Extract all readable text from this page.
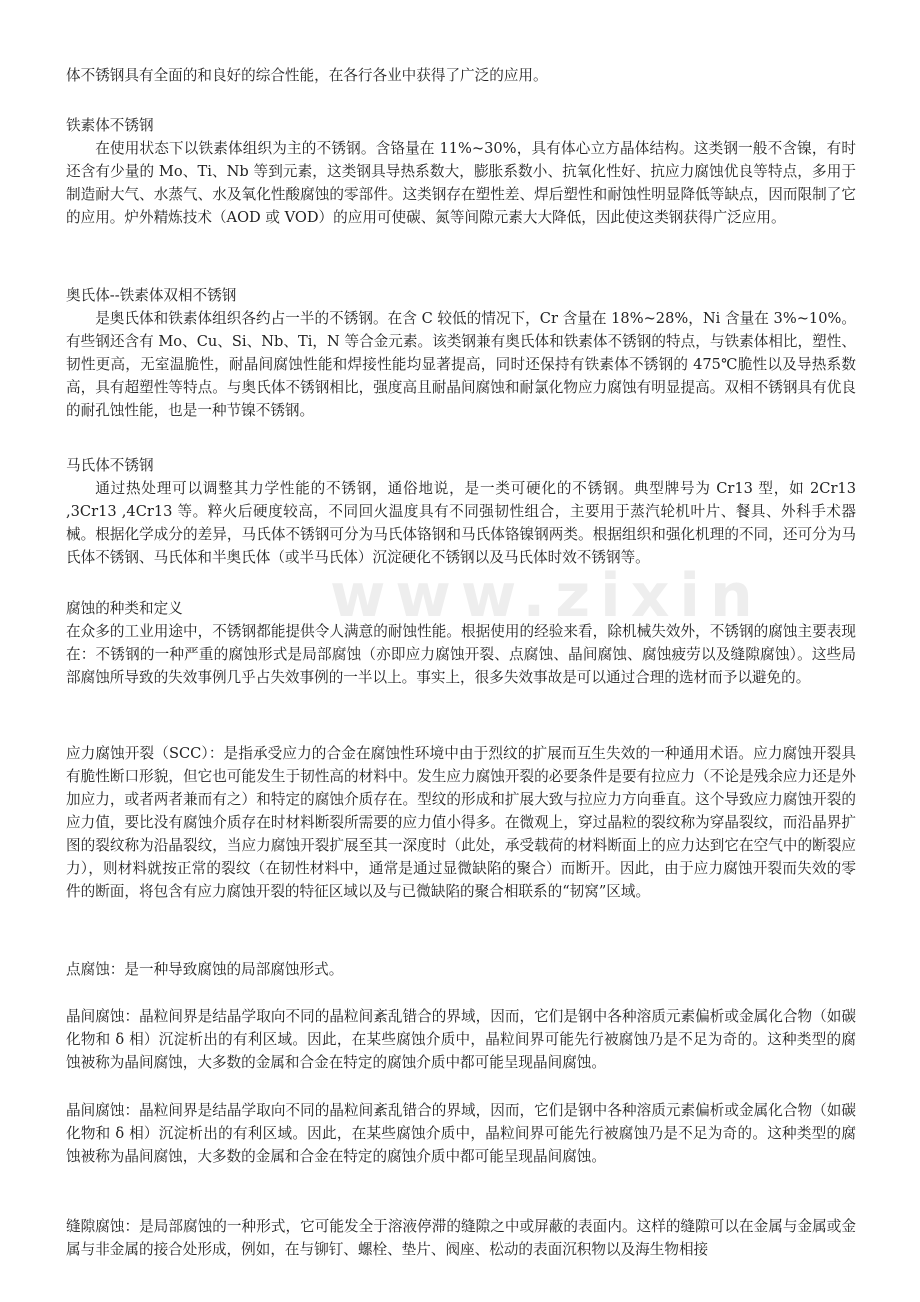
www.zixin

体不锈钢具有全面的和良好的综合性能，在各行各业中获得了广泛的应用。

铁素体不锈钢

在使用状态下以铁素体组织为主的不锈钢。含铬量在 11%~30%，具有体心立方晶体结构。这类钢一般不含镍，有时还含有少量的 Mo、Ti、Nb 等到元素，这类钢具导热系数大，膨胀系数小、抗氧化性好、抗应力腐蚀优良等特点，多用于制造耐大气、水蒸气、水及氧化性酸腐蚀的零部件。这类钢存在塑性差、焊后塑性和耐蚀性明显降低等缺点，因而限制了它的应用。炉外精炼技术（AOD 或 VOD）的应用可使碳、氮等间隙元素大大降低，因此使这类钢获得广泛应用。

奥氏体--铁素体双相不锈钢

是奥氏体和铁素体组织各约占一半的不锈钢。在含 C 较低的情况下，Cr 含量在 18%~28%，Ni 含量在 3%~10%。有些钢还含有 Mo、Cu、Si、Nb、Ti，N 等合金元素。该类钢兼有奥氏体和铁素体不锈钢的特点，与铁素体相比，塑性、韧性更高，无室温脆性，耐晶间腐蚀性能和焊接性能均显著提高，同时还保持有铁素体不锈钢的 475℃脆性以及导热系数高，具有超塑性等特点。与奥氏体不锈钢相比，强度高且耐晶间腐蚀和耐氯化物应力腐蚀有明显提高。双相不锈钢具有优良的耐孔蚀性能，也是一种节镍不锈钢。

马氏体不锈钢

通过热处理可以调整其力学性能的不锈钢，通俗地说，是一类可硬化的不锈钢。典型牌号为 Cr13 型，如 2Cr13 ,3Cr13 ,4Cr13 等。粹火后硬度较高，不同回火温度具有不同强韧性组合，主要用于蒸汽轮机叶片、餐具、外科手术器械。根据化学成分的差异，马氏体不锈钢可分为马氏体铬钢和马氏体铬镍钢两类。根据组织和强化机理的不同，还可分为马氏体不锈钢、马氏体和半奥氏体（或半马氏体）沉淀硬化不锈钢以及马氏体时效不锈钢等。

腐蚀的种类和定义

在众多的工业用途中，不锈钢都能提供令人满意的耐蚀性能。根据使用的经验来看，除机械失效外，不锈钢的腐蚀主要表现在：不锈钢的一种严重的腐蚀形式是局部腐蚀（亦即应力腐蚀开裂、点腐蚀、晶间腐蚀、腐蚀疲劳以及缝隙腐蚀）。这些局部腐蚀所导致的失效事例几乎占失效事例的一半以上。事实上，很多失效事故是可以通过合理的选材而予以避免的。

应力腐蚀开裂（SCC）：是指承受应力的合金在腐蚀性环境中由于烈纹的扩展而互生失效的一种通用术语。应力腐蚀开裂具有脆性断口形貌，但它也可能发生于韧性高的材料中。发生应力腐蚀开裂的必要条件是要有拉应力（不论是残余应力还是外加应力，或者两者兼而有之）和特定的腐蚀介质存在。型纹的形成和扩展大致与拉应力方向垂直。这个导致应力腐蚀开裂的应力值，要比没有腐蚀介质存在时材料断裂所需要的应力值小得多。在微观上，穿过晶粒的裂纹称为穿晶裂纹，而沿晶界扩图的裂纹称为沿晶裂纹，当应力腐蚀开裂扩展至其一深度时（此处，承受载荷的材料断面上的应力达到它在空气中的断裂应力），则材料就按正常的裂纹（在韧性材料中，通常是通过显微缺陷的聚合）而断开。因此，由于应力腐蚀开裂而失效的零件的断面，将包含有应力腐蚀开裂的特征区域以及与已微缺陷的聚合相联系的“韧窝”区域。

点腐蚀：是一种导致腐蚀的局部腐蚀形式。

晶间腐蚀：晶粒间界是结晶学取向不同的晶粒间紊乱错合的界域，因而，它们是钢中各种溶质元素偏析或金属化合物（如碳化物和 δ 相）沉淀析出的有利区域。因此，在某些腐蚀介质中，晶粒间界可能先行被腐蚀乃是不足为奇的。这种类型的腐蚀被称为晶间腐蚀，大多数的金属和合金在特定的腐蚀介质中都可能呈现晶间腐蚀。

晶间腐蚀：晶粒间界是结晶学取向不同的晶粒间紊乱错合的界域，因而，它们是钢中各种溶质元素偏析或金属化合物（如碳化物和 δ 相）沉淀析出的有利区域。因此，在某些腐蚀介质中，晶粒间界可能先行被腐蚀乃是不足为奇的。这种类型的腐蚀被称为晶间腐蚀，大多数的金属和合金在特定的腐蚀介质中都可能呈现晶间腐蚀。

缝隙腐蚀：是局部腐蚀的一种形式，它可能发全于溶液停滞的缝隙之中或屏蔽的表面内。这样的缝隙可以在金属与金属或金属与非金属的接合处形成，例如，在与铆钉、螺栓、垫片、阀座、松动的表面沉积物以及海生物相接
